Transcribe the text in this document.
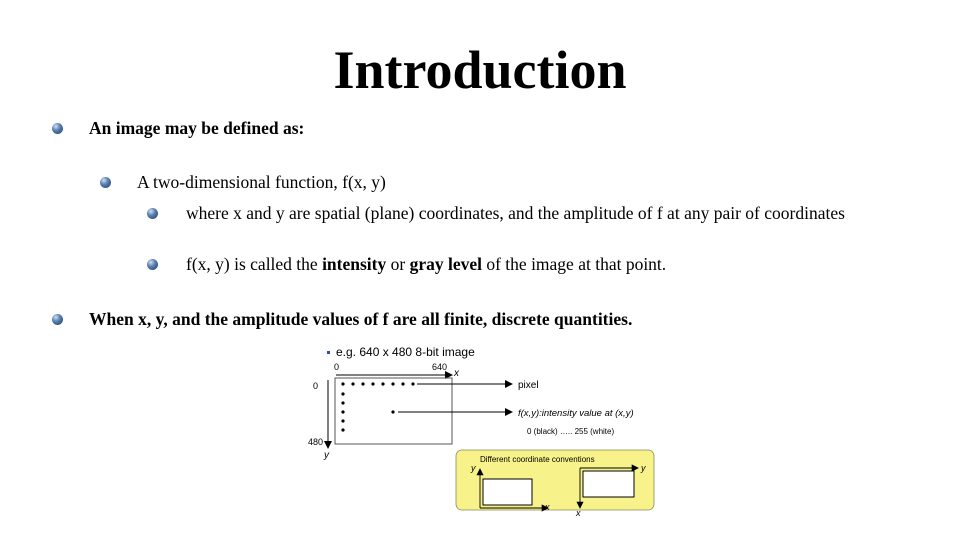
Introduction
An image may be defined as:
A two-dimensional function, f(x, y)
where x and y are spatial (plane) coordinates, and the amplitude of f at any pair of coordinates
f(x, y) is called the intensity or gray level of the image at that point.
When x, y, and the amplitude values of f are all finite, discrete quantities.
e.g. 640 x 480 8-bit image
0	640
x
0
480
y
pixel
f(x,y):intensity value at (x,y)
0 (black) ….. 255 (white)
Different coordinate conventions
y
x
y
x
